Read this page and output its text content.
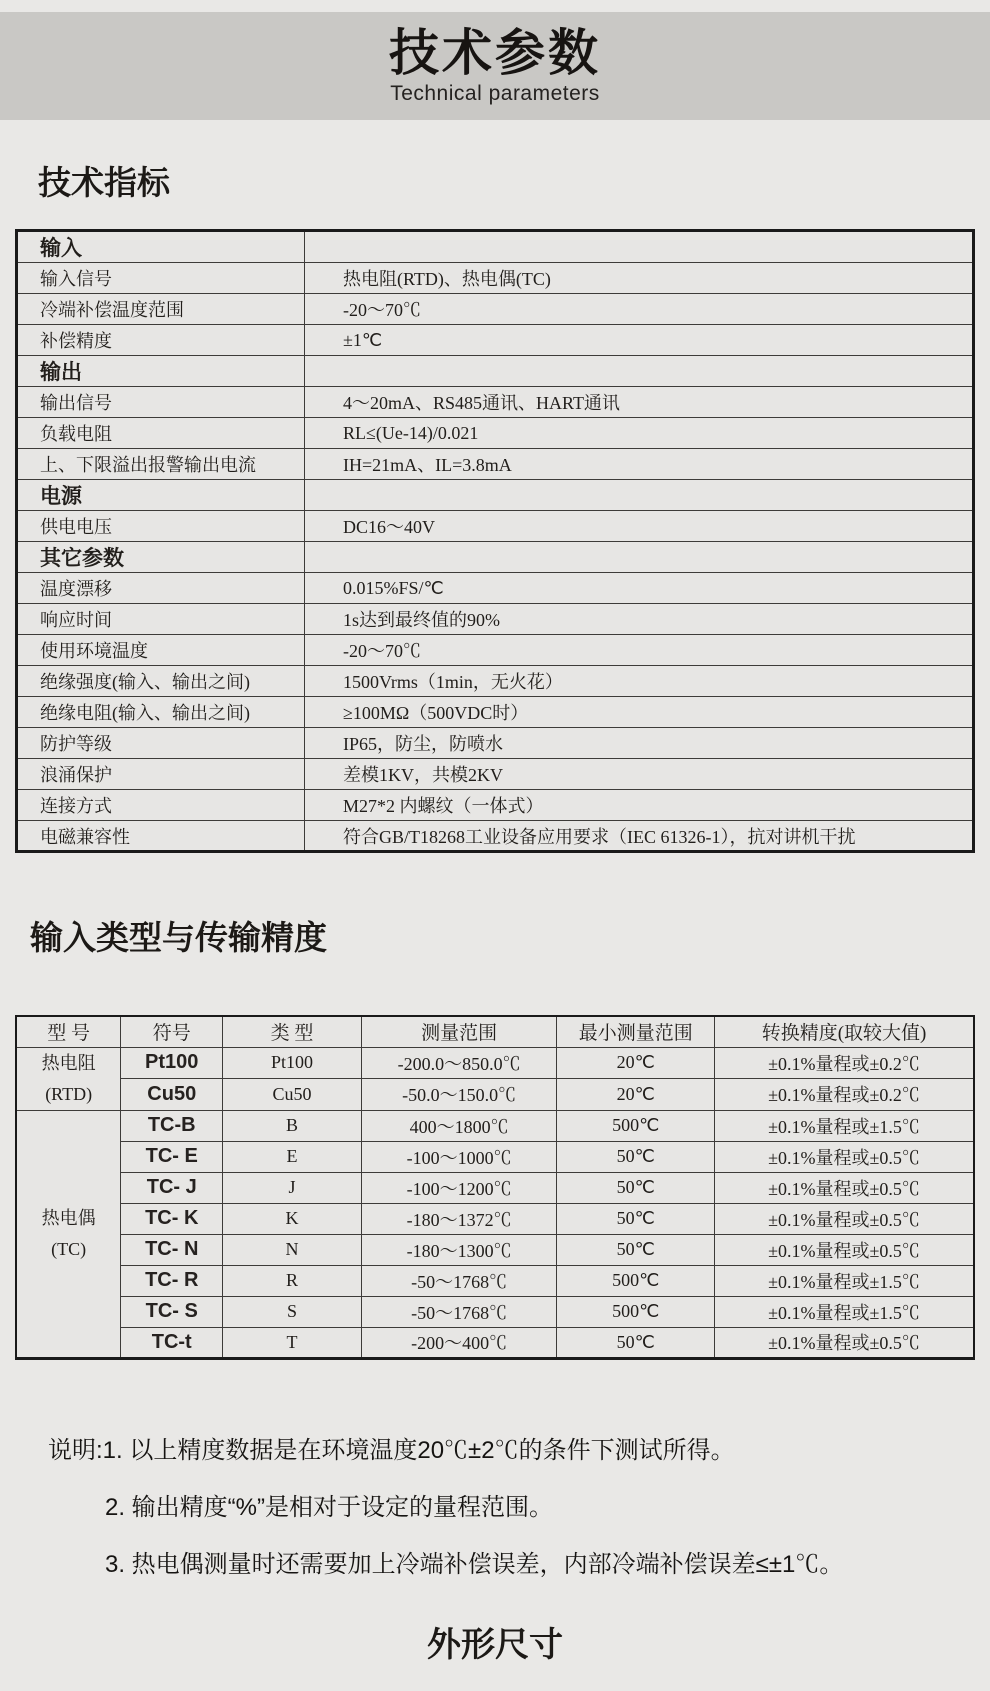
技术参数
Technical parameters
技术指标
输入	
输入信号	热电阻(RTD)、热电偶(TC)
冷端补偿温度范围	-20～70℃
补偿精度	±1℃
输出	
输出信号	4～20mA、RS485通讯、HART通讯
负载电阻	RL≤(Ue-14)/0.021
上、下限溢出报警输出电流	IH=21mA、IL=3.8mA
电源	
供电电压	DC16～40V
其它参数	
温度漂移	0.015%FS/℃
响应时间	1s达到最终值的90%
使用环境温度	-20～70℃
绝缘强度(输入、输出之间)	1500Vrms（1min，无火花）
绝缘电阻(输入、输出之间)	≥100MΩ（500VDC时）
防护等级	IP65，防尘，防喷水
浪涌保护	差模1KV，共模2KV
连接方式	M27*2 内螺纹（一体式）
电磁兼容性	符合GB/T18268工业设备应用要求（IEC 61326-1），抗对讲机干扰
输入类型与传输精度
型 号	符号	类 型	测量范围	最小测量范围	转换精度(取较大值)

热电阻
(RTD)	Pt100	Pt100	-200.0～850.0℃	20℃	±0.1%量程或±0.2℃
	Cu50	Cu50	-50.0～150.0℃	20℃	±0.1%量程或±0.2℃

热电偶
(TC)	TC-B	B	400～1800℃	500℃	±0.1%量程或±1.5℃
	TC- E	E	-100～1000℃	50℃	±0.1%量程或±0.5℃
	TC- J	J	-100～1200℃	50℃	±0.1%量程或±0.5℃
	TC- K	K	-180～1372℃	50℃	±0.1%量程或±0.5℃
	TC- N	N	-180～1300℃	50℃	±0.1%量程或±0.5℃
	TC- R	R	-50～1768℃	500℃	±0.1%量程或±1.5℃
	TC- S	S	-50～1768℃	500℃	±0.1%量程或±1.5℃
	TC-t	T	-200～400℃	50℃	±0.1%量程或±0.5℃
说明: 1. 以上精度数据是在环境温度20℃±2℃的条件下测试所得。
2. 输出精度“%”是相对于设定的量程范围。
3. 热电偶测量时还需要加上冷端补偿误差，内部冷端补偿误差≤±1℃。
外形尺寸
